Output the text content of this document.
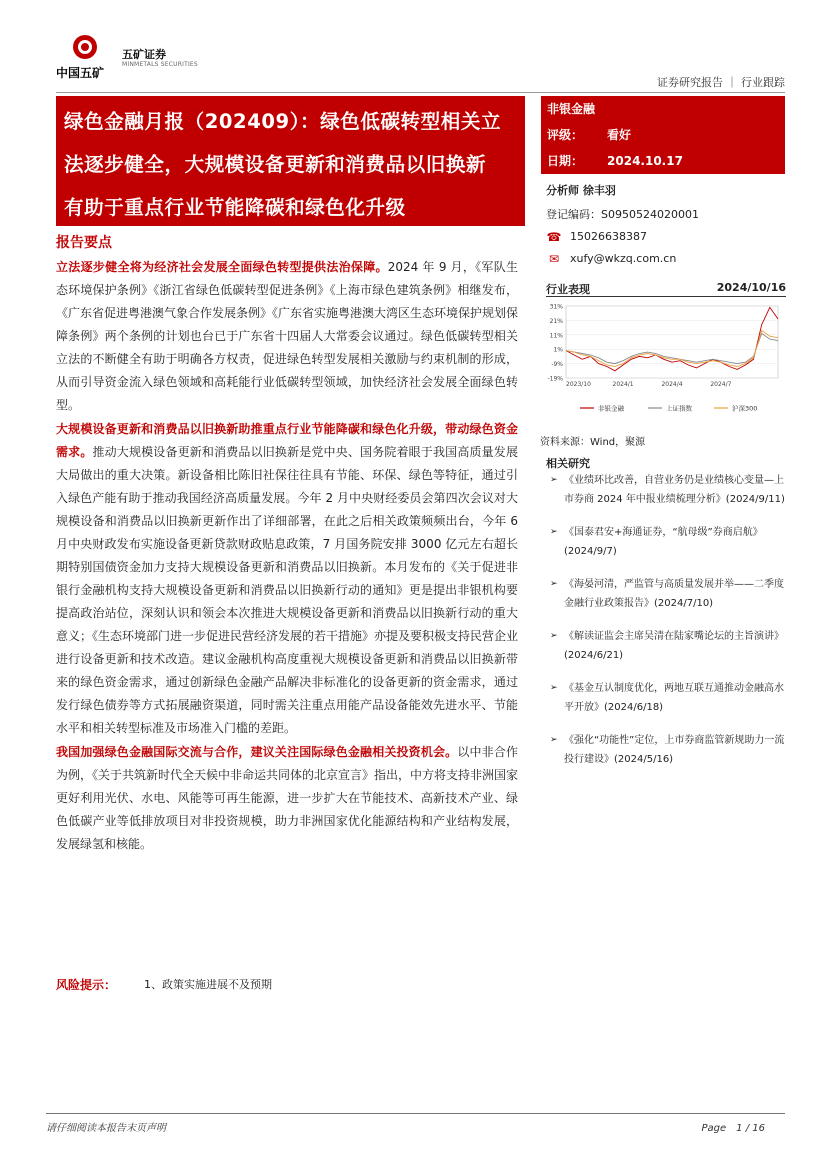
中国五矿
五矿证券
MINMETALS SECURITIES
证券研究报告 ｜ 行业跟踪
绿色金融月报（202409）：绿色低碳转型相关立
法逐步健全，大规模设备更新和消费品以旧换新
有助于重点行业节能降碳和绿色化升级
非银金融
评级： 看好
日期： 2024.10.17
分析师 徐丰羽
登记编码：S0950524020001
☎ 15026638387
✉ xufy@wkzq.com.cn
行业表现	2024/10/16
31%
21%
11%
1%
-9%
-19%
2023/10	2024/1	2024/4	2024/7
非银金融	上证指数	沪深300
资料来源：Wind，聚源
相关研究
➢ 《业绩环比改善，自营业务仍是业绩核心变量—上市券商 2024 年中报业绩梳理分析》(2024/9/11)
➢ 《国泰君安+海通证券，“航母级”券商启航》(2024/9/7)
➢ 《海晏河清，严监管与高质量发展并举——二季度金融行业政策报告》(2024/7/10)
➢ 《解读证监会主席吴清在陆家嘴论坛的主旨演讲》(2024/6/21)
➢ 《基金互认制度优化，两地互联互通推动金融高水平开放》(2024/6/18)
➢ 《强化“功能性”定位，上市券商监管新规助力一流投行建设》(2024/5/16)
报告要点

立法逐步健全将为经济社会发展全面绿色转型提供法治保障。2024 年 9 月，《军队生态环境保护条例》《浙江省绿色低碳转型促进条例》《上海市绿色建筑条例》相继发布，《广东省促进粤港澳气象合作发展条例》《广东省实施粤港澳大湾区生态环境保护规划保障条例》两个条例的计划也台已于广东省十四届人大常委会议通过。绿色低碳转型相关立法的不断健全有助于明确各方权责，促进绿色转型发展相关激励与约束机制的形成，从而引导资金流入绿色领域和高耗能行业低碳转型领域，加快经济社会发展全面绿色转型。

大规模设备更新和消费品以旧换新助推重点行业节能降碳和绿色化升级，带动绿色资金需求。推动大规模设备更新和消费品以旧换新是党中央、国务院着眼于我国高质量发展大局做出的重大决策。新设备相比陈旧社保往往具有节能、环保、绿色等特征，通过引入绿色产能有助于推动我国经济高质量发展。今年 2 月中央财经委员会第四次会议对大规模设备和消费品以旧换新更新作出了详细部署，在此之后相关政策频频出台，今年 6 月中央财政发布实施设备更新贷款财政贴息政策，7 月国务院安排 3000 亿元左右超长期特别国债资金加力支持大规模设备更新和消费品以旧换新。本月发布的《关于促进非银行金融机构支持大规模设备更新和消费品以旧换新行动的通知》更是提出非银机构要提高政治站位，深刻认识和领会本次推进大规模设备更新和消费品以旧换新行动的重大意义；《生态环境部门进一步促进民营经济发展的若干措施》亦提及要积极支持民营企业进行设备更新和技术改造。建议金融机构高度重视大规模设备更新和消费品以旧换新带来的绿色资金需求，通过创新绿色金融产品解决非标准化的设备更新的资金需求，通过发行绿色债券等方式拓展融资渠道，同时需关注重点用能产品设备能效先进水平、节能水平和相关转型标准及市场准入门槛的差距。

我国加强绿色金融国际交流与合作，建议关注国际绿色金融相关投资机会。以中非合作为例，《关于共筑新时代全天候中非命运共同体的北京宣言》指出，中方将支持非洲国家更好利用光伏、水电、风能等可再生能源，进一步扩大在节能技术、高新技术产业、绿色低碳产业等低排放项目对非投资规模，助力非洲国家优化能源结构和产业结构发展，发展绿氢和核能。

风险提示：	1、政策实施进展不及预期
请仔细阅读本报告末页声明	Page　1 / 16
